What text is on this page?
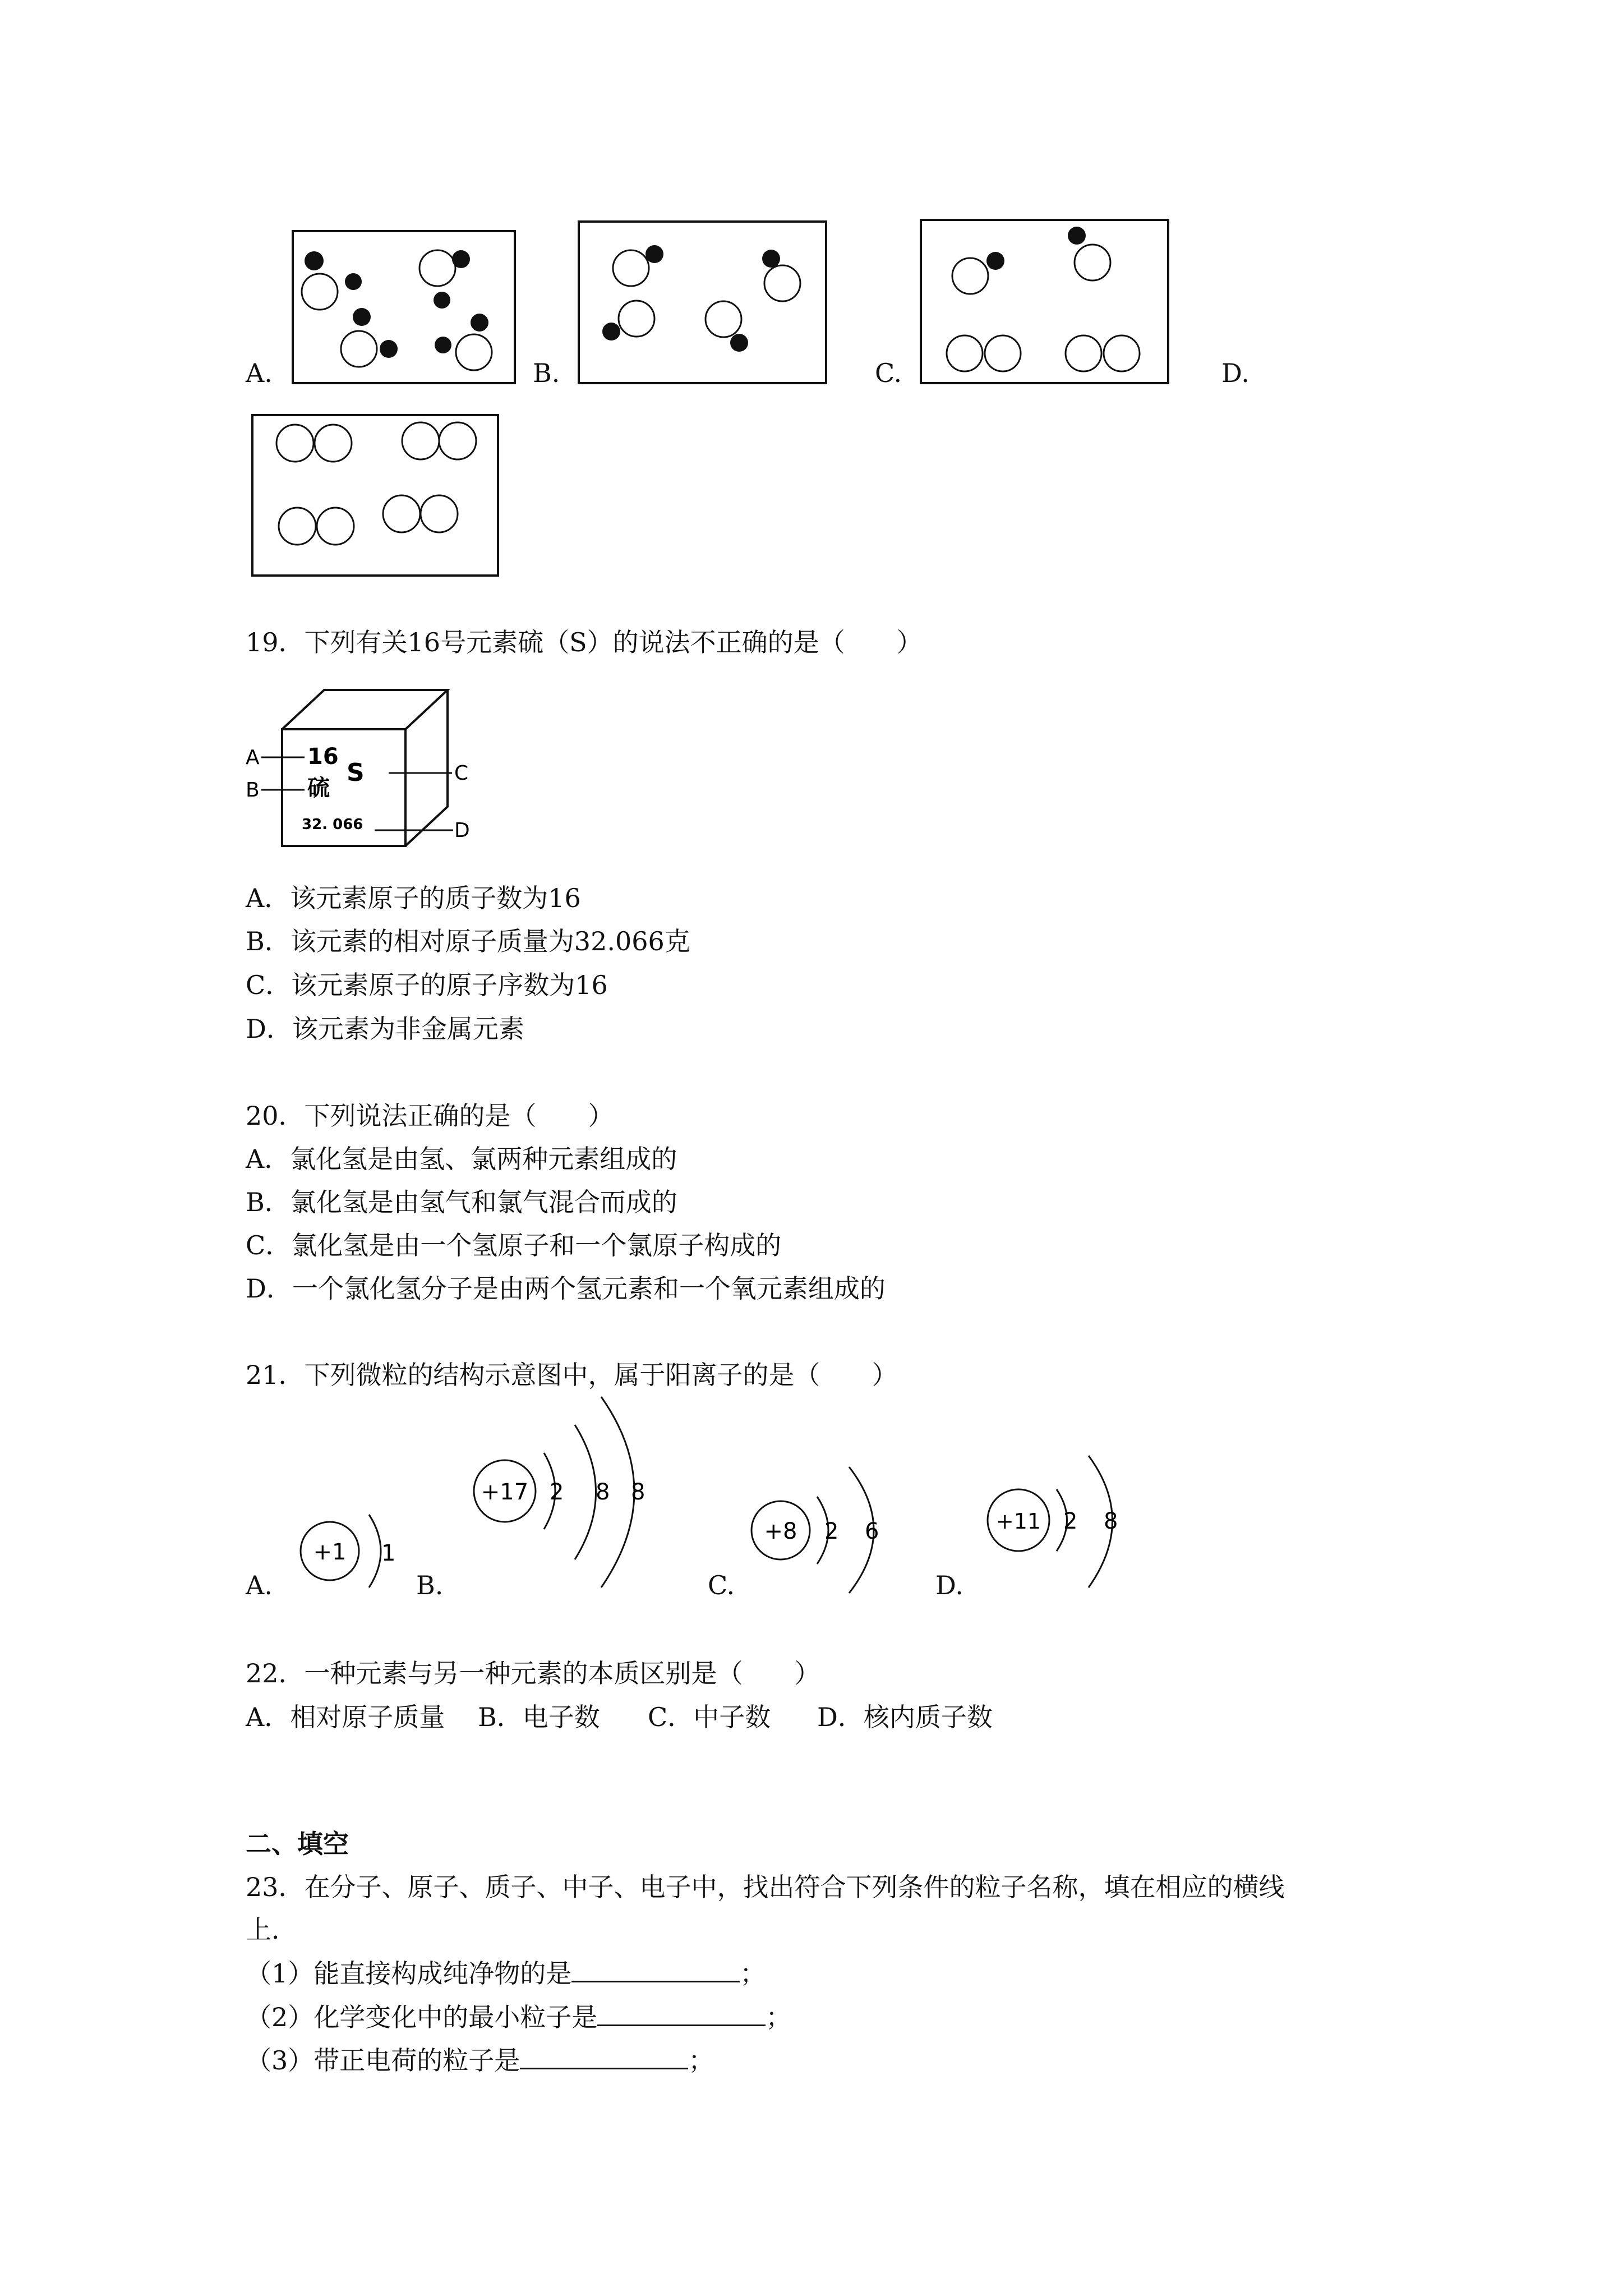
A.	B.	C.	D.
19．下列有关16号元素硫（S）的说法不正确的是（　　）
A
B
C
D
16
硫
S
32. 066
A．该元素原子的质子数为16
B．该元素的相对原子质量为32.066克
C．该元素原子的原子序数为16
D．该元素为非金属元素
20．下列说法正确的是（　　）
A．氯化氢是由氢、氯两种元素组成的
B．氯化氢是由氢气和氯气混合而成的
C．氯化氢是由一个氢原子和一个氯原子构成的
D．一个氯化氢分子是由两个氢元素和一个氧元素组成的
21．下列微粒的结构示意图中，属于阳离子的是（　　）
A.	B.	C.	D.
+1 1
+17 2 8 8
+8 2 6	+11 2 8
22．一种元素与另一种元素的本质区别是（　　）
A．相对原子质量 B．电子数 C．中子数 D．核内质子数
二、填空
23．在分子、原子、质子、中子、电子中，找出符合下列条件的粒子名称，填在相应的横线
上．
（1）能直接构成纯净物的是	；
（2）化学变化中的最小粒子是	；
（3）带正电荷的粒子是	；
